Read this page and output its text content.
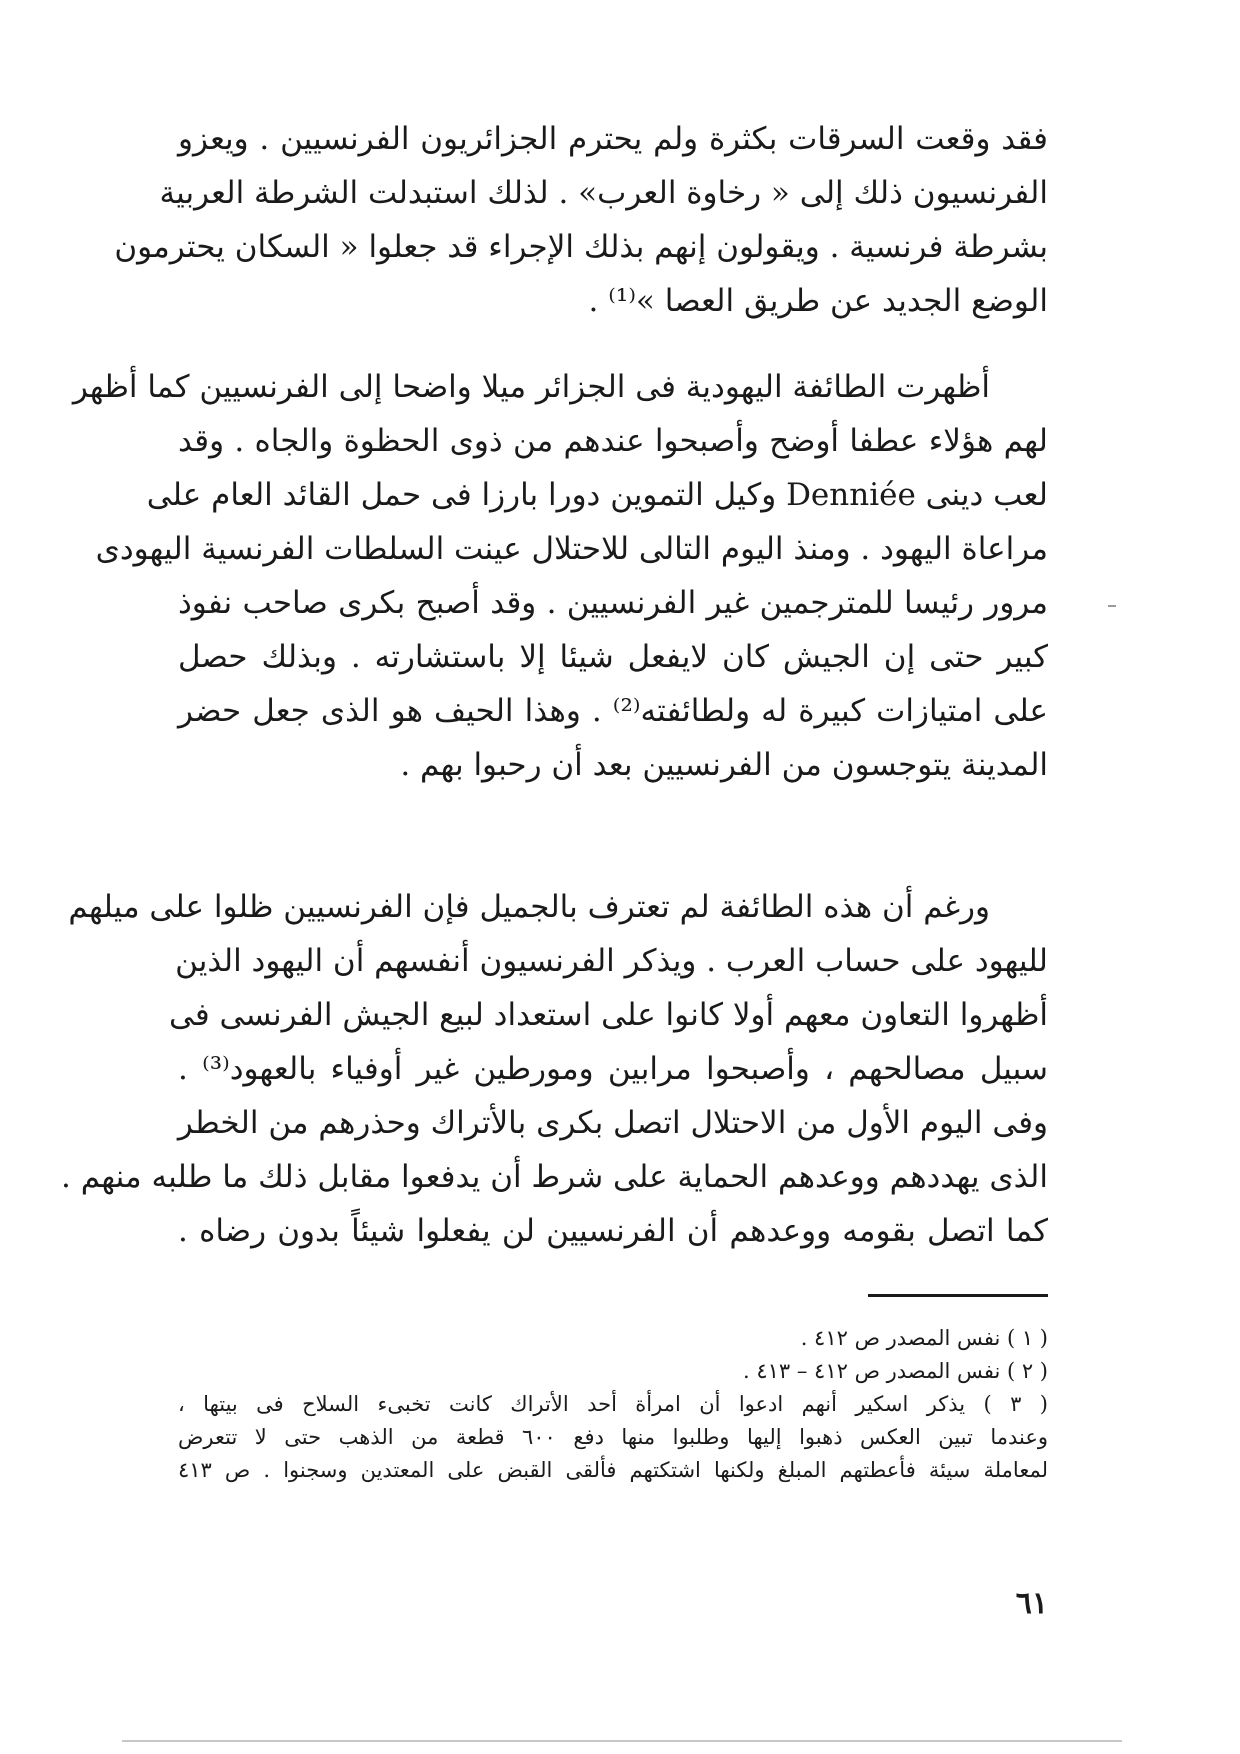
فقد وقعت السرقات بكثرة ولم يحترم الجزائريون الفرنسيين . ويعزو
الفرنسيون ذلك إلى « رخاوة العرب» . لذلك استبدلت الشرطة العربية
بشرطة فرنسية . ويقولون إنهم بذلك الإجراء قد جعلوا « السكان يحترمون
الوضع الجديد عن طريق العصا »⁽¹⁾ .
أظهرت الطائفة اليهودية فى الجزائر ميلا واضحا إلى الفرنسيين كما أظهر
لهم هؤلاء عطفا أوضح وأصبحوا عندهم من ذوى الحظوة والجاه . وقد
لعب دينى Denniée وكيل التموين دورا بارزا فى حمل القائد العام على
مراعاة اليهود . ومنذ اليوم التالى للاحتلال عينت السلطات الفرنسية اليهودى
مرور رئيسا للمترجمين غير الفرنسيين . وقد أصبح بكرى صاحب نفوذ
كبير حتى إن الجيش كان لايفعل شيئا إلا باستشارته . وبذلك حصل
على امتيازات كبيرة له ولطائفته⁽²⁾ . وهذا الحيف هو الذى جعل حضر
المدينة يتوجسون من الفرنسيين بعد أن رحبوا بهم .
ورغم أن هذه الطائفة لم تعترف بالجميل فإن الفرنسيين ظلوا على ميلهم
لليهود على حساب العرب . ويذكر الفرنسيون أنفسهم أن اليهود الذين
أظهروا التعاون معهم أولا كانوا على استعداد لبيع الجيش الفرنسى فى
سبيل مصالحهم ، وأصبحوا مرابين ومورطين غير أوفياء بالعهود⁽³⁾ .
وفى اليوم الأول من الاحتلال اتصل بكرى بالأتراك وحذرهم من الخطر
الذى يهددهم ووعدهم الحماية على شرط أن يدفعوا مقابل ذلك ما طلبه منهم .
كما اتصل بقومه ووعدهم أن الفرنسيين لن يفعلوا شيئاً بدون رضاه .
( ١ ) نفس المصدر ص ٤١٢ .
( ٢ ) نفس المصدر ص ٤١٢ – ٤١٣ .
( ٣ ) يذكر اسكير أنهم ادعوا أن امرأة أحد الأتراك كانت تخبىء السلاح فى بيتها ،
وعندما تبين العكس ذهبوا إليها وطلبوا منها دفع ٦٠٠ قطعة من الذهب حتى لا تتعرض
لمعاملة سيئة فأعطتهم المبلغ ولكنها اشتكتهم فألقى القبض على المعتدين وسجنوا . ص ٤١٣
٦١
